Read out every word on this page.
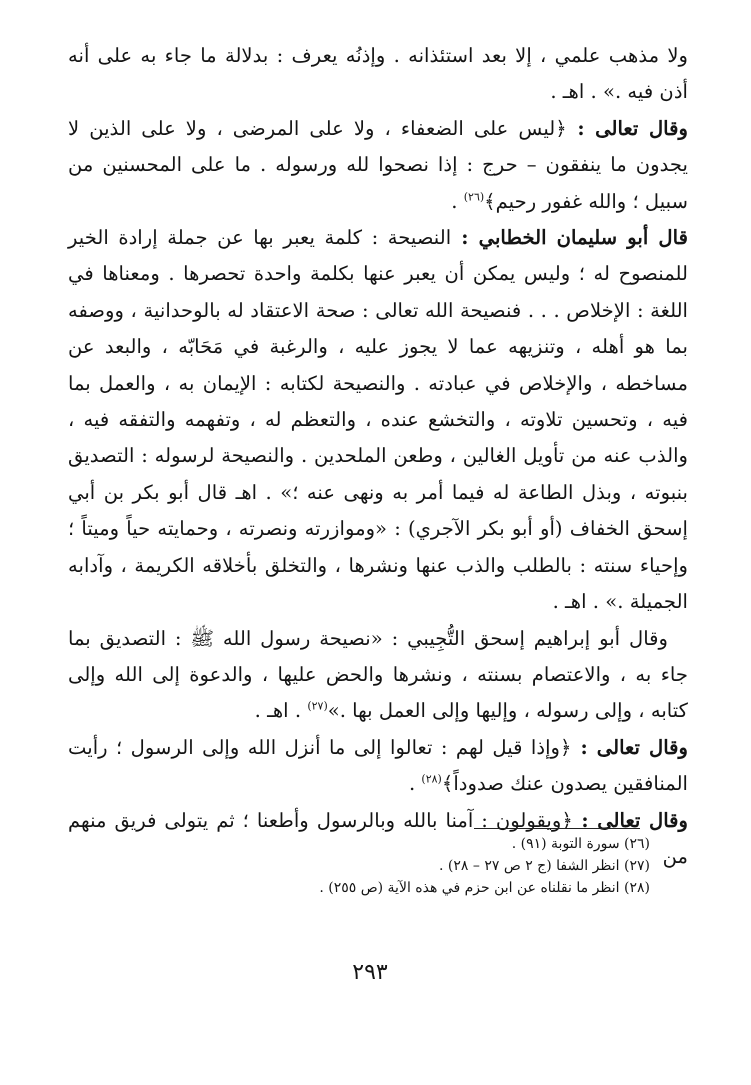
ولا مذهب علمي ، إلا بعد استئذانه . وإذنُه يعرف : بدلالة ما جاء به على أنه أذن فيه .» . اهـ .

وقال تعالى : ﴿ليس على الضعفاء ، ولا على المرضى ، ولا على الذين لا يجدون ما ينفقون – حرج : إذا نصحوا لله ورسوله . ما على المحسنين من سبيل ؛ والله غفور رحيم﴾$^{(٢٦)}$ .

قال أبو سليمان الخطابي : النصيحة : كلمة يعبر بها عن جملة إرادة الخير للمنصوح له ؛ وليس يمكن أن يعبر عنها بكلمة واحدة تحصرها . ومعناها في اللغة : الإخلاص . . . فنصيحة الله تعالى : صحة الاعتقاد له بالوحدانية ، ووصفه بما هو أهله ، وتنزيهه عما لا يجوز عليه ، والرغبة في مَحَابّه ، والبعد عن مساخطه ، والإخلاص في عبادته . والنصيحة لكتابه : الإيمان به ، والعمل بما فيه ، وتحسين تلاوته ، والتخشع عنده ، والتعظم له ، وتفهمه والتفقه فيه ، والذب عنه من تأويل الغالين ، وطعن الملحدين . والنصيحة لرسوله : التصديق بنبوته ، وبذل الطاعة له فيما أمر به ونهى عنه ؛» . اهـ قال أبو بكر بن أبي إسحق الخفاف (أو أبو بكر الآجري) : «وموازرته ونصرته ، وحمايته حياً وميتاً ؛ وإحياء سنته : بالطلب والذب عنها ونشرها ، والتخلق بأخلاقه الكريمة ، وآدابه الجميلة .» . اهـ .

وقال أبو إبراهيم إسحق التُّجِيبي : «نصيحة رسول الله ﷺ : التصديق بما جاء به ، والاعتصام بسنته ، ونشرها والحض عليها ، والدعوة إلى الله وإلى كتابه ، وإلى رسوله ، وإليها وإلى العمل بها .»$^{(٢٧)}$ . اهـ .

وقال تعالى : ﴿وإذا قيل لهم : تعالوا إلى ما أنزل الله وإلى الرسول ؛ رأيت المنافقين يصدون عنك صدوداً﴾$^{(٢٨)}$ .

وقال تعالى : ﴿ويقولون : آمنا بالله وبالرسول وأطعنا ؛ ثم يتولى فريق منهم من

(٢٦) سورة التوبة (٩١) .
(٢٧) انظر الشفا (ج ٢ ص ٢٧ – ٢٨) .
(٢٨) انظر ما نقلناه عن ابن حزم في هذه الآية (ص ٢٥٥) .
٢٩٣
